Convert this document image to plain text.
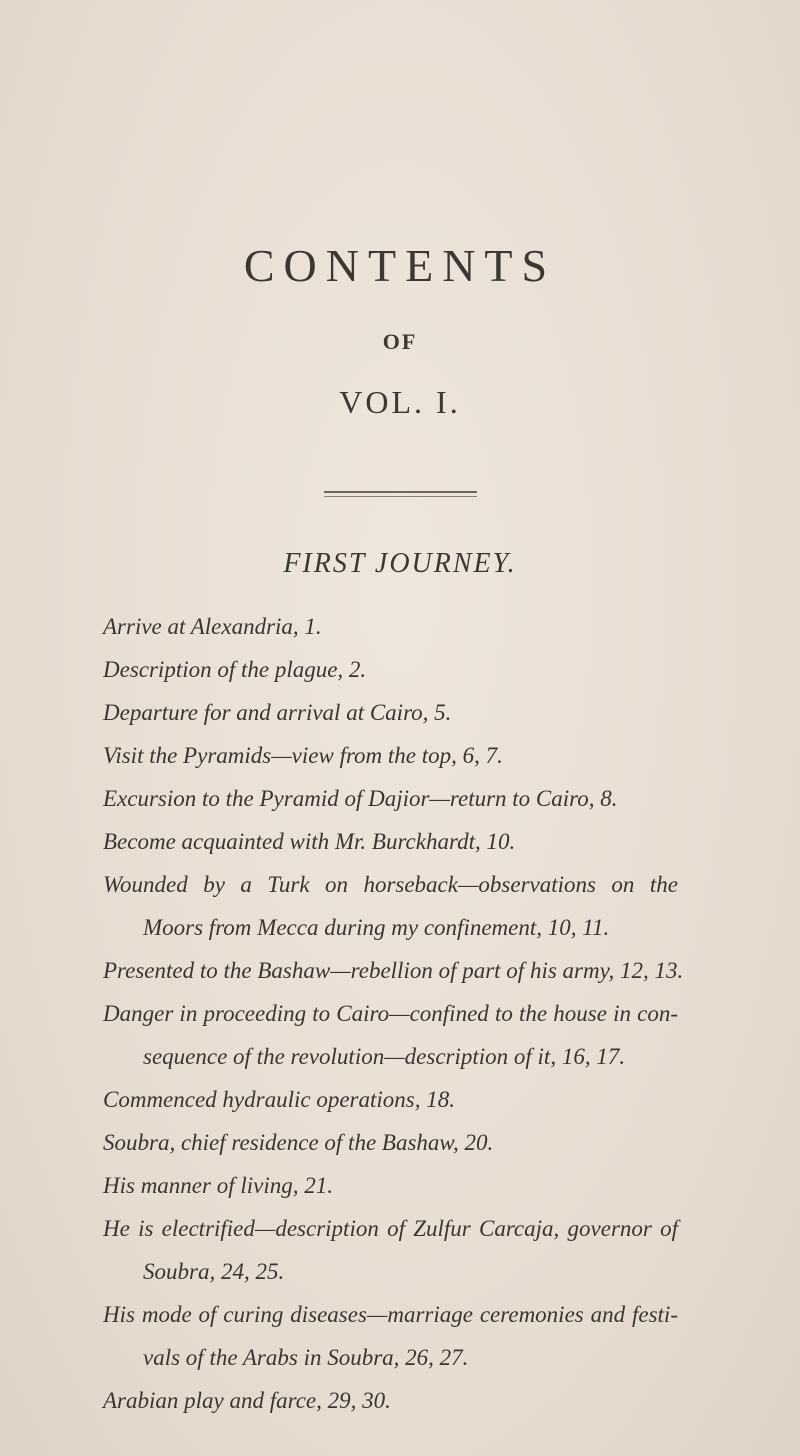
CONTENTS
OF
VOL. I.
FIRST JOURNEY.
Arrive at Alexandria, 1.
Description of the plague, 2.
Departure for and arrival at Cairo, 5.
Visit the Pyramids—view from the top, 6, 7.
Excursion to the Pyramid of Dajior—return to Cairo, 8.
Become acquainted with Mr. Burckhardt, 10.
Wounded by a Turk on horseback—observations on the
Moors from Mecca during my confinement, 10, 11.
Presented to the Bashaw—rebellion of part of his army, 12, 13.
Danger in proceeding to Cairo—confined to the house in con-
sequence of the revolution—description of it, 16, 17.
Commenced hydraulic operations, 18.
Soubra, chief residence of the Bashaw, 20.
His manner of living, 21.
He is electrified—description of Zulfur Carcaja, governor of
Soubra, 24, 25.
His mode of curing diseases—marriage ceremonies and festi-
vals of the Arabs in Soubra, 26, 27.
Arabian play and farce, 29, 30.
